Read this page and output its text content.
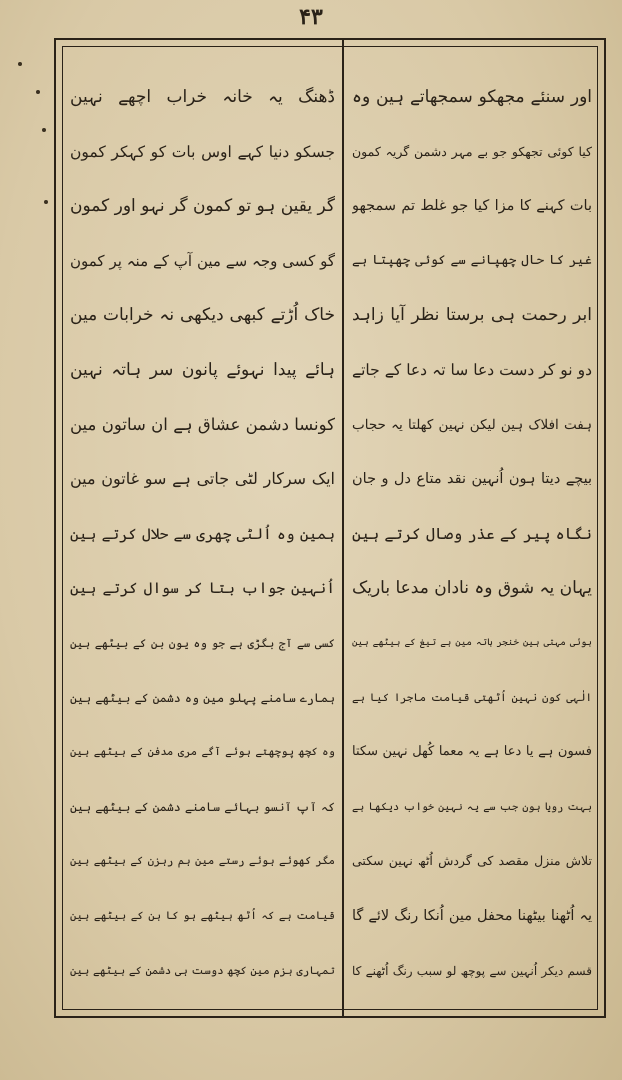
۴۳
اور سنئے مجھکو سمجھاتے ہین وہ
کیا کوئی تجھکو جو بے مہر دشمن گریہ کمون
بات کہنے کا مزا کیا جو غلط تم سمجھو
غیر کا حال چھپانے سے کوئی چھپتا ہے
ابر رحمت ہی برستا نظر آیا زاہد
دو نو کر دست دعا سا تہ دعا کے جاتے
ہفت افلاک ہین لیکن نہین کھلتا یہ حجاب
بیچے دیتا ہون اُنہین نقد متاع دل و جان
نگاہ پیر کے عذر وصال کرتے ہین
یہان یہ شوق وہ نادان مدعا باریک
ہوئی مہتی ہین خنجر ہاتہ مین ہے تیغ کے بیٹھے ہین
الٰہی کون نہین اُٹھتی قیامت ماجرا کیا ہے
فسون ہے یا دعا ہے یہ معما کُھل نہین سکتا
بہت رویا ہون جب سے یہ نہین خواب دیکھا ہے
تلاش منزل مقصد کی گردش اُٹھ نہین سکتی
یہ اُٹھنا بیٹھنا محفل مین اُنکا رنگ لائے گا
قسم دیکر اُنہین سے پوچھ لو سبب رنگ اُٹھنے کا
ڈھنگ یہ خانہ خراب اچھے نہین
جسکو دنیا کہے اوس بات کو کہکر کمون
گر یقین ہو تو کمون گر نہو اور کمون
گو کسی وجہ سے مین آپ کے منہ پر کمون
خاک اُڑتے کبھی دیکھی نہ خرابات مین
ہائے پیدا نہوئے پانون سر ہاتہ نہین
کونسا دشمن عشاق ہے ان ساتون مین
ایک سرکار لٹی جاتی ہے سو غاتون مین
ہمین وہ اُلٹی چھری سے حلال کرتے ہین
اُنہین جواب بتا کر سوال کرتے ہین
کسی سے آج بگڑی ہے جو وہ یون بن کے بیٹھے ہین
ہمارے سامنے پہلو مین وہ دشمن کے بیٹھے ہین
وہ کچھ پوچھتے ہوئے آگے مری مدفن کے بیٹھے ہین
کہ آپ آنسو بہائے سامنے دشمن کے بیٹھے ہین
مگر کھوئے ہوئے رستے مین ہم رہزن کے بیٹھے ہین
قیامت ہے کہ اُٹھ بیٹھے ہو کا بن کے بیٹھے ہین
تمہاری بزم مین کچھ دوست ہی دشمن کے بیٹھے ہین
